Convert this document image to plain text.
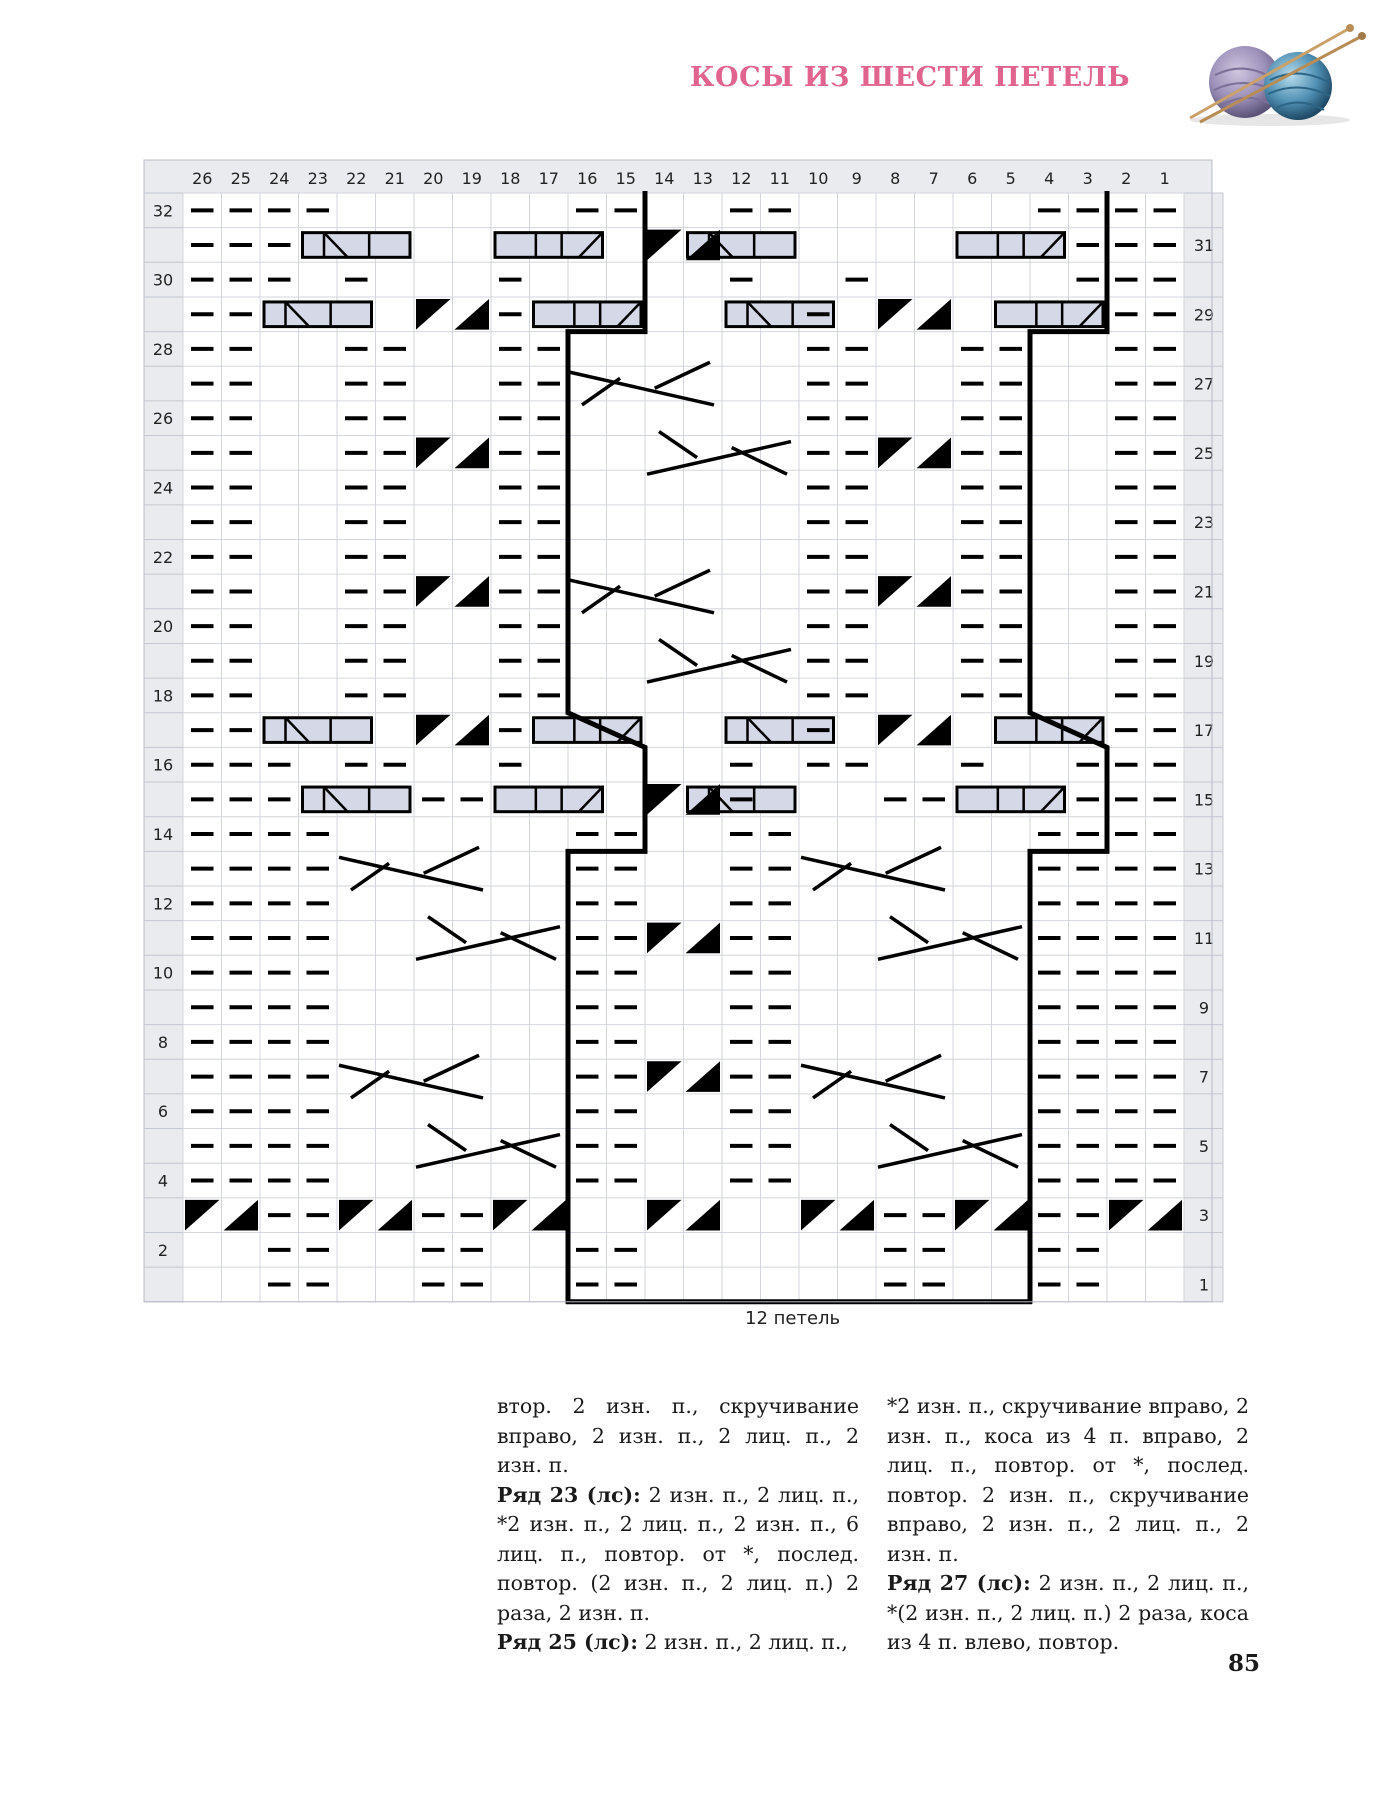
КОСЫ ИЗ ШЕСТИ ПЕТЕЛЬ
26 25 24 23 22 21 20 19 18 17 16 15 14 13 12 11 10 9 8 7 6 5 4 3 2 1
32
30
28
26
24
22
20
18
16
14
12
10
8
6
4
2
31
29
27
25
23
21
19
17
15
13
11
9
7
5
3
1
12 петель

втор. 2 изн. п., скручивание вправо, 2 изн. п., 2 лиц. п., 2 изн. п.

Ряд 23 (лс): 2 изн. п., 2 лиц. п., *2 изн. п., 2 лиц. п., 2 изн. п., 6 лиц. п., повтор. от *, послед. повтор. (2 изн. п., 2 лиц. п.) 2 раза, 2 изн. п.

Ряд 25 (лс): 2 изн. п., 2 лиц. п.,

*2 изн. п., скручивание вправо, 2 изн. п., коса из 4 п. вправо, 2 лиц. п., повтор. от *, послед. повтор. 2 изн. п., скручивание вправо, 2 изн. п., 2 лиц. п., 2 изн. п.

Ряд 27 (лс): 2 изн. п., 2 лиц. п., *(2 изн. п., 2 лиц. п.) 2 раза, коса из 4 п. влево, повтор.

85
